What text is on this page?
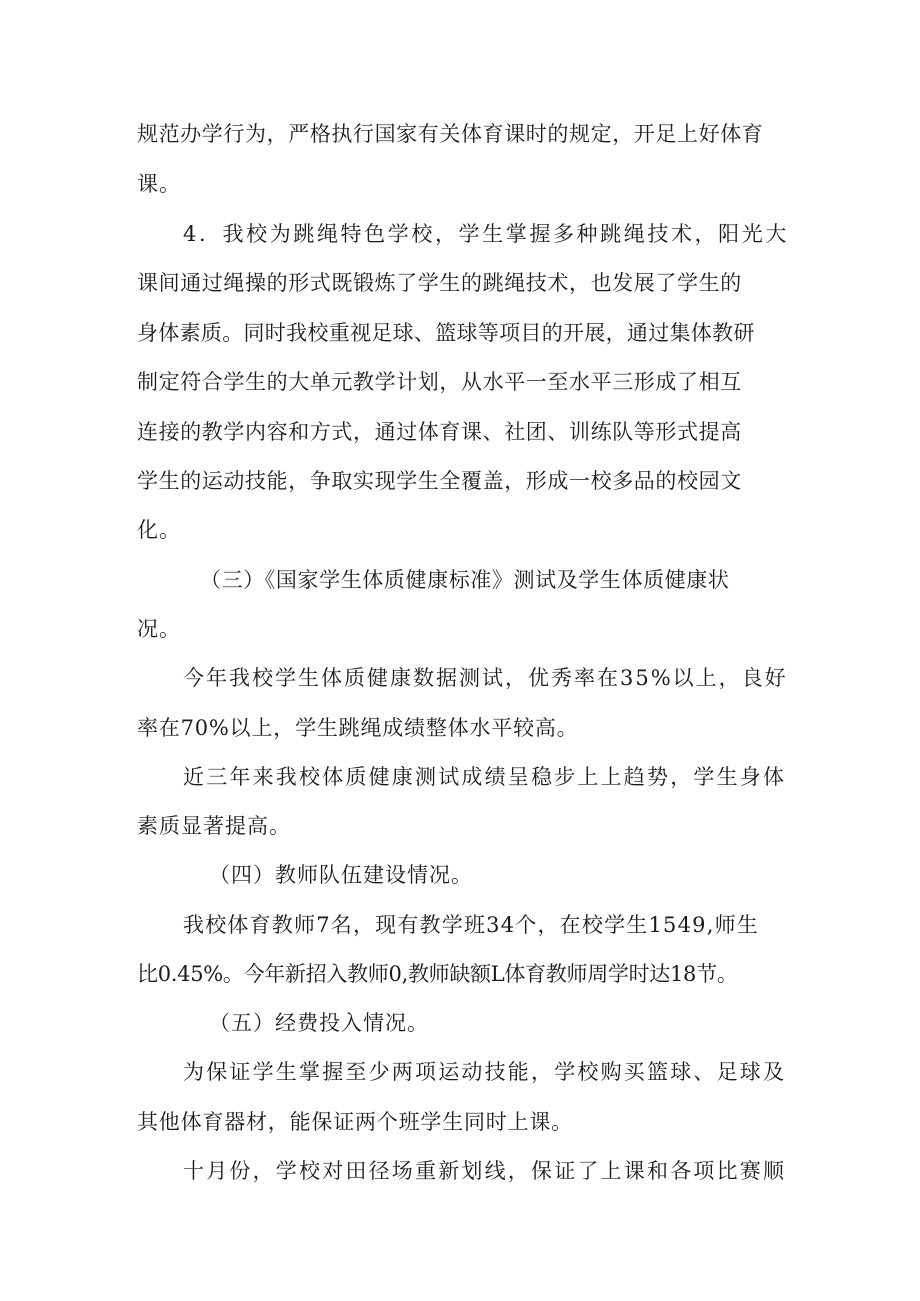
规范办学行为，严格执行国家有关体育课时的规定，开足上好体育
课。
4．我校为跳绳特色学校，学生掌握多种跳绳技术，阳光大
课间通过绳操的形式既锻炼了学生的跳绳技术，也发展了学生的
身体素质。同时我校重视足球、篮球等项目的开展，通过集体教研
制定符合学生的大单元教学计划，从水平一至水平三形成了相互
连接的教学内容和方式，通过体育课、社团、训练队等形式提高
学生的运动技能，争取实现学生全覆盖，形成一校多品的校园文
化。
（三）《国家学生体质健康标准》测试及学生体质健康状
况。
今年我校学生体质健康数据测试，优秀率在35%以上，良好
率在70%以上，学生跳绳成绩整体水平较高。
近三年来我校体质健康测试成绩呈稳步上上趋势，学生身体
素质显著提高。
（四）教师队伍建设情况。
我校体育教师7名，现有教学班34个，在校学生1549,师生
比0.45%。今年新招入教师0,教师缺额L体育教师周学时达18节。
（五）经费投入情况。
为保证学生掌握至少两项运动技能，学校购买篮球、足球及
其他体育器材，能保证两个班学生同时上课。
十月份，学校对田径场重新划线，保证了上课和各项比赛顺
